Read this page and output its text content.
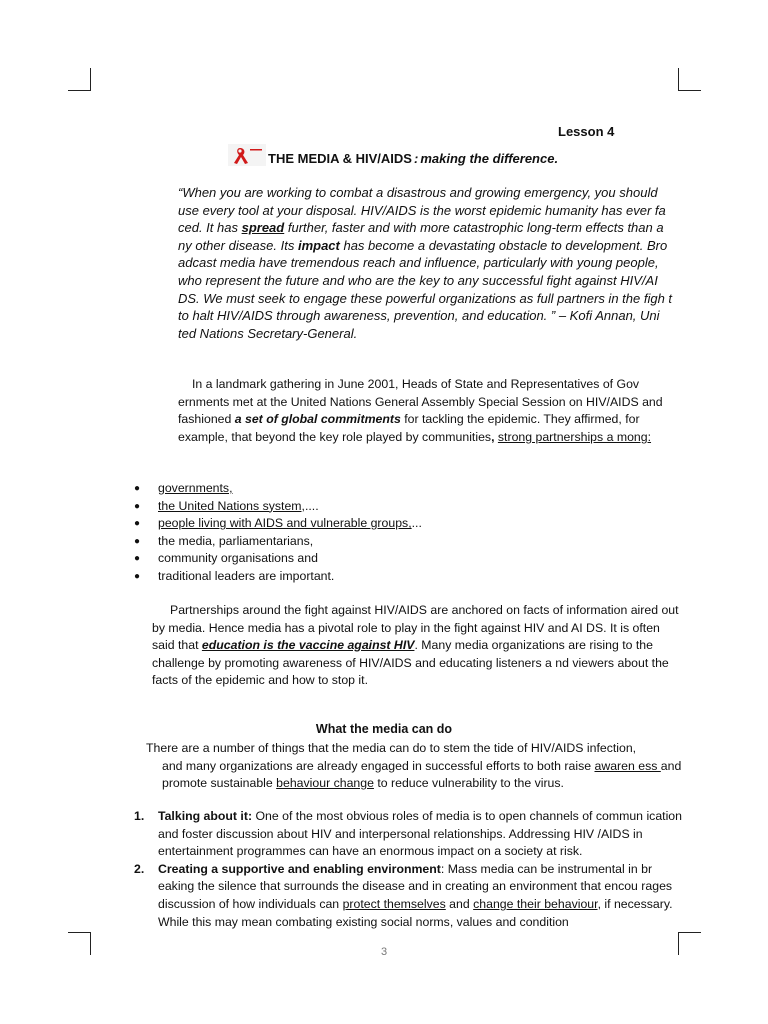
Lesson 4
THE MEDIA & HIV/AIDS : making the difference.
“When you are working to combat a disastrous and growing emergency, you should use every tool at your disposal. HIV/AIDS is the worst epidemic humanity has ever fa ced. It has spread further, faster and with more catastrophic long-term effects than a ny other disease. Its impact has become a devastating obstacle to development. Bro adcast media have tremendous reach and influence, particularly with young people, who represent the future and who are the key to any successful fight against HIV/AI DS. We must seek to engage these powerful organizations as full partners in the figh t to halt HIV/AIDS through awareness, prevention, and education. ” – Kofi Annan, Uni ted Nations Secretary-General.
In a landmark gathering in June 2001, Heads of State and Representatives of Gov ernments met at the United Nations General Assembly Special Session on HIV/AIDS and fashioned a set of global commitments for tackling the epidemic. They affirmed, for example, that beyond the key role played by communities, strong partnerships a mong:
● governments,
● the United Nations system,....
● people living with AIDS and vulnerable groups,...
● the media, parliamentarians,
● community organisations and
● traditional leaders are important.
Partnerships around the fight against HIV/AIDS are anchored on facts of information aired out by media. Hence media has a pivotal role to play in the fight against HIV and AI DS. It is often said that education is the vaccine against HIV. Many media organizations are rising to the challenge by promoting awareness of HIV/AIDS and educating listeners a nd viewers about the facts of the epidemic and how to stop it.
What the media can do
There are a number of things that the media can do to stem the tide of HIV/AIDS infection,
and many organizations are already engaged in successful efforts to both raise awaren ess and promote sustainable behaviour change to reduce vulnerability to the virus.
1. Talking about it: One of the most obvious roles of media is to open channels of commun ication and foster discussion about HIV and interpersonal relationships. Addressing HIV /AIDS in entertainment programmes can have an enormous impact on a society at risk.
2. Creating a supportive and enabling environment: Mass media can be instrumental in br eaking the silence that surrounds the disease and in creating an environment that encou rages discussion of how individuals can protect themselves and change their behaviour, if necessary. While this may mean combating existing social norms, values and condition
3
